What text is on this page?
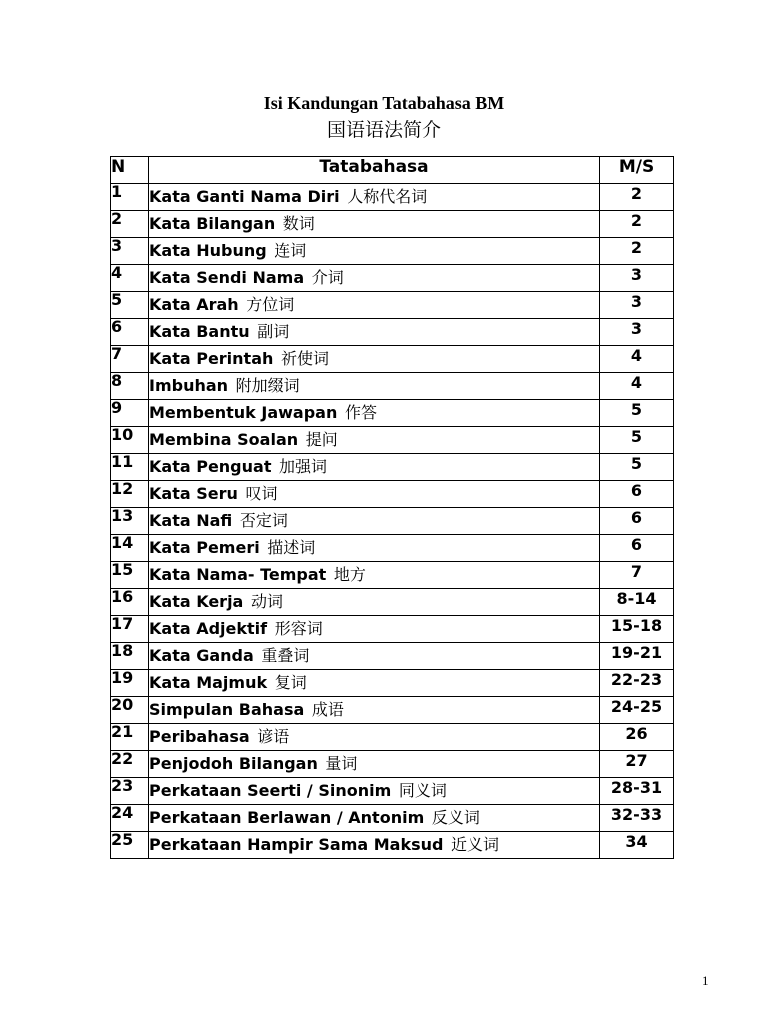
Isi Kandungan Tatabahasa BM
国语语法简介
N	Tatabahasa	M/S

1	Kata Ganti Nama Diri 人称代名词	2

2	Kata Bilangan 数词	2

3	Kata Hubung 连词	2

4	Kata Sendi Nama 介词	3

5	Kata Arah 方位词	3

6	Kata Bantu 副词	3

7	Kata Perintah 祈使词	4

8	Imbuhan 附加缀词	4

9	Membentuk Jawapan 作答	5

10	Membina Soalan 提问	5

11	Kata Penguat 加强词	5

12	Kata Seru 叹词	6

13	Kata Nafi 否定词	6

14	Kata Pemeri 描述词	6

15	Kata Nama- Tempat 地方	7

16	Kata Kerja 动词	8-14

17	Kata Adjektif 形容词	15-18

18	Kata Ganda 重叠词	19-21

19	Kata Majmuk 复词	22-23

20	Simpulan Bahasa 成语	24-25

21	Peribahasa 谚语	26

22	Penjodoh Bilangan 量词	27

23	Perkataan Seerti / Sinonim 同义词	28-31

24	Perkataan Berlawan / Antonim 反义词	32-33

25	Perkataan Hampir Sama Maksud 近义词	34
1
